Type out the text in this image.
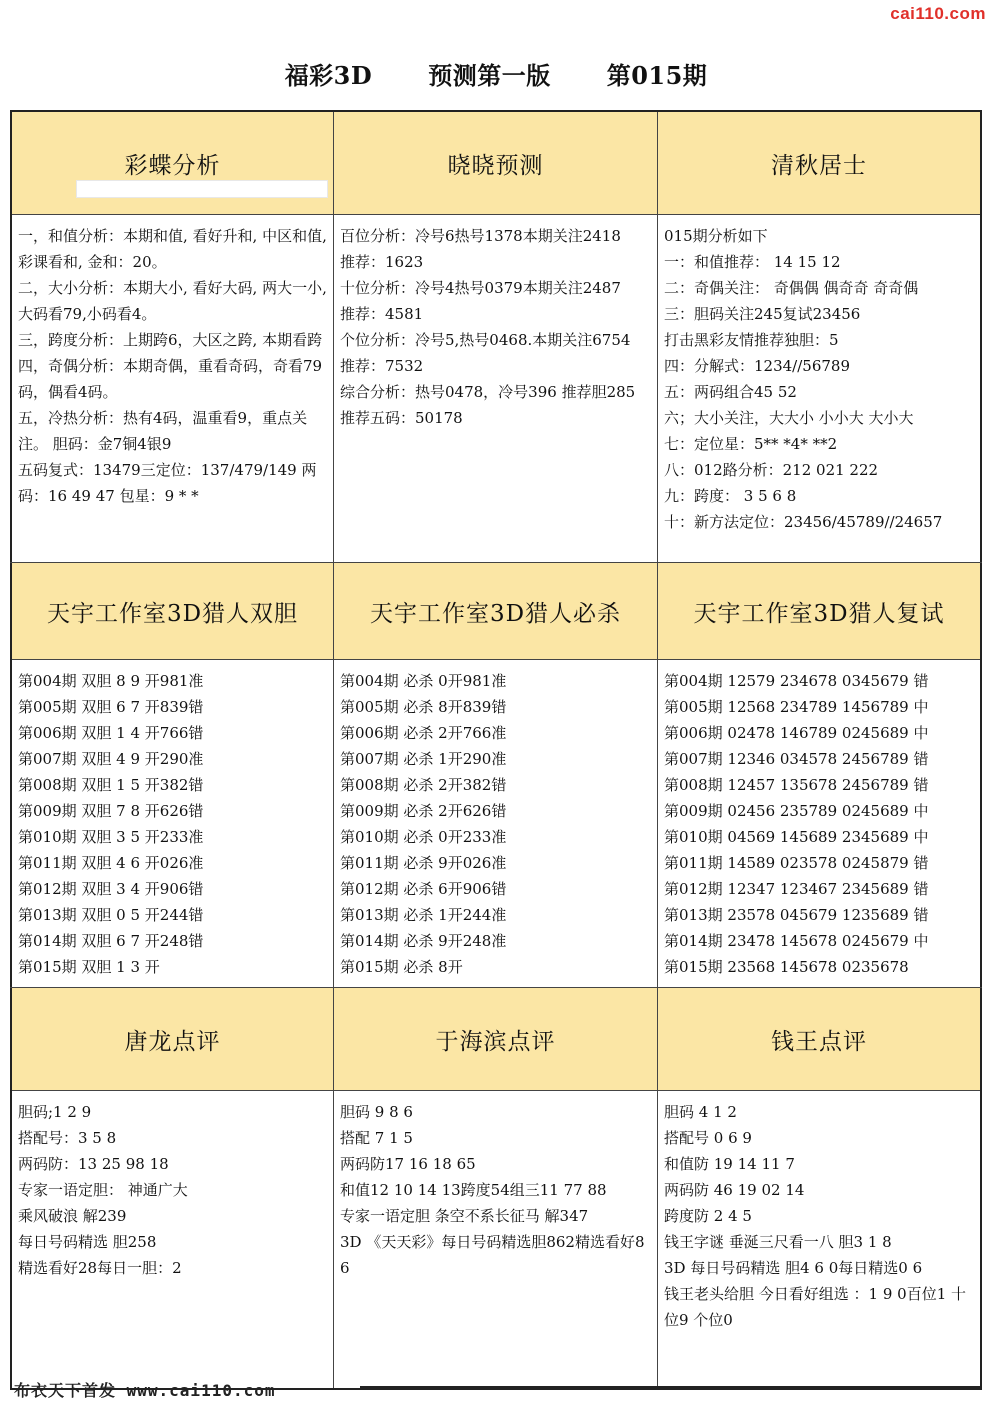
cai110.com
福彩3D 预测第一版 第015期
彩蝶分析
一，和值分析：本期和值, 看好升和, 中区和值, 彩课看和, 金和：20。
二，大小分析：本期大小, 看好大码, 两大一小, 大码看79,小码看4。
三，跨度分析：上期跨6，大区之跨, 本期看跨
四，奇偶分析：本期奇偶，重看奇码，奇看79码，偶看4码。
五，冷热分析：热有4码，温重看9，重点关注。 胆码：金7铜4银9
五码复式：13479三定位：137/479/149 两码：16 49 47 包星：9 * *
晓晓预测
百位分析：冷号6热号1378本期关注2418
推荐：1623
十位分析：冷号4热号0379本期关注2487
推荐：4581
个位分析：冷号5,热号0468.本期关注6754
推荐：7532
综合分析：热号0478，冷号396 推荐胆285
推荐五码：50178
清秋居士
015期分析如下
一：和值推荐： 14 15 12
二：奇偶关注： 奇偶偶 偶奇奇 奇奇偶
三：胆码关注245复试23456
打击黑彩友情推荐独胆：5
四：分解式：1234//56789
五：两码组合45 52
六；大小关注，大大小 小小大 大小大
七：定位星：5** *4* **2
八：012路分析：212 021 222
九：跨度： 3 5 6 8
十：新方法定位：23456/45789//24657
天宇工作室3D猎人双胆
第004期 双胆 8 9 开981准
第005期 双胆 6 7 开839错
第006期 双胆 1 4 开766错
第007期 双胆 4 9 开290准
第008期 双胆 1 5 开382错
第009期 双胆 7 8 开626错
第010期 双胆 3 5 开233准
第011期 双胆 4 6 开026准
第012期 双胆 3 4 开906错
第013期 双胆 0 5 开244错
第014期 双胆 6 7 开248错
第015期 双胆 1 3 开
天宇工作室3D猎人必杀
第004期 必杀 0开981准
第005期 必杀 8开839错
第006期 必杀 2开766准
第007期 必杀 1开290准
第008期 必杀 2开382错
第009期 必杀 2开626错
第010期 必杀 0开233准
第011期 必杀 9开026准
第012期 必杀 6开906错
第013期 必杀 1开244准
第014期 必杀 9开248准
第015期 必杀 8开
天宇工作室3D猎人复试
第004期 12579 234678 0345679 错
第005期 12568 234789 1456789 中
第006期 02478 146789 0245689 中
第007期 12346 034578 2456789 错
第008期 12457 135678 2456789 错
第009期 02456 235789 0245689 中
第010期 04569 145689 2345689 中
第011期 14589 023578 0245879 错
第012期 12347 123467 2345689 错
第013期 23578 045679 1235689 错
第014期 23478 145678 0245679 中
第015期 23568 145678 0235678
唐龙点评
胆码;1 2 9
搭配号：3 5 8
两码防：13 25 98 18
专家一语定胆： 神通广大
乘风破浪 解239
每日号码精选 胆258
精选看好28每日一胆：2
于海滨点评
胆码 9 8 6
搭配 7 1 5
两码防17 16 18 65
和值12 10 14 13跨度54组三11 77 88
专家一语定胆 条空不系长征马 解347
3D 《天天彩》每日号码精选胆862精选看好86
钱王点评
胆码 4 1 2
搭配号 0 6 9
和值防 19 14 11 7
两码防 46 19 02 14
跨度防 2 4 5
钱王字谜 垂涎三尺看一八 胆3 1 8
3D 每日号码精选 胆4 6 0每日精选0 6
钱王老头给胆 今日看好组选 ：1 9 0百位1 十位9 个位0
布衣天下首发 www.cai110.com
